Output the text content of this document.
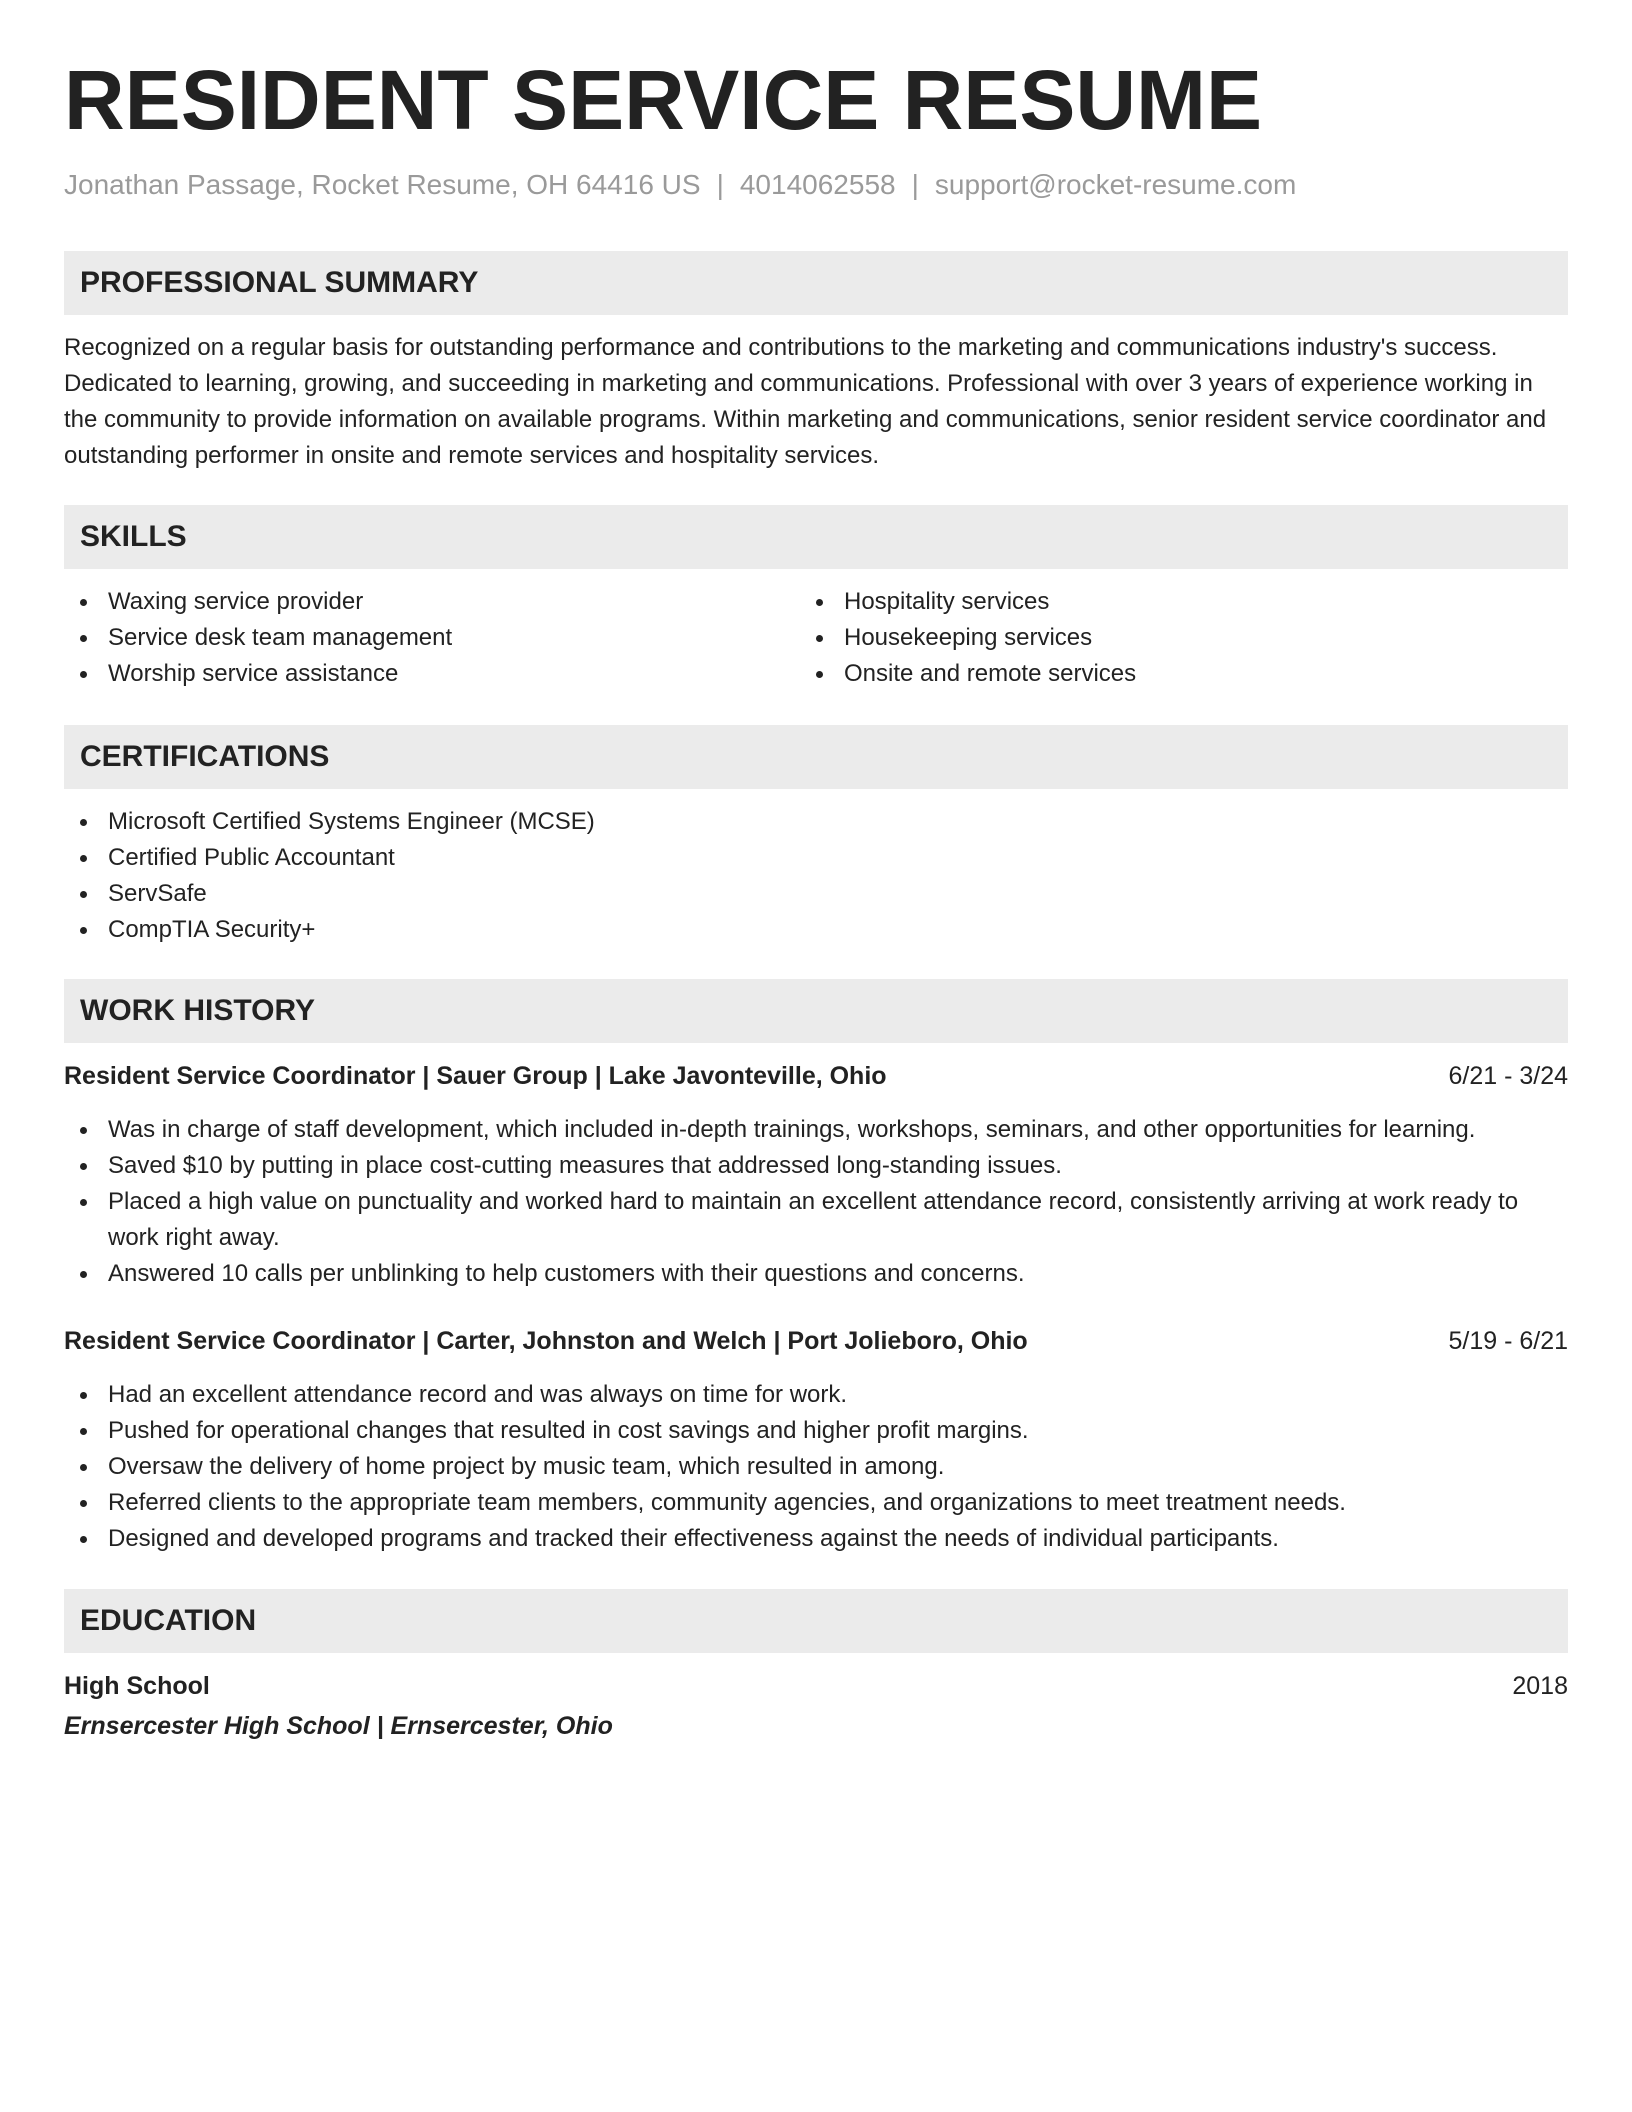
RESIDENT SERVICE RESUME
Jonathan Passage, Rocket Resume, OH 64416 US | 4014062558 | support@rocket-resume.com
PROFESSIONAL SUMMARY

Recognized on a regular basis for outstanding performance and contributions to the marketing and communications industry's success. Dedicated to learning, growing, and succeeding in marketing and communications. Professional with over 3 years of experience working in the community to provide information on available programs. Within marketing and communications, senior resident service coordinator and outstanding performer in onsite and remote services and hospitality services.

SKILLS
Waxing service provider
Service desk team management
Worship service assistance
Hospitality services
Housekeeping services
Onsite and remote services
CERTIFICATIONS
Microsoft Certified Systems Engineer (MCSE)
Certified Public Accountant
ServSafe
CompTIA Security+
WORK HISTORY
Resident Service Coordinator | Sauer Group | Lake Javonteville, Ohio	6/21 - 3/24
Was in charge of staff development, which included in-depth trainings, workshops, seminars, and other opportunities for learning.
Saved $10 by putting in place cost-cutting measures that addressed long-standing issues.
Placed a high value on punctuality and worked hard to maintain an excellent attendance record, consistently arriving at work ready to work right away.
Answered 10 calls per unblinking to help customers with their questions and concerns.
Resident Service Coordinator | Carter, Johnston and Welch | Port Jolieboro, Ohio	5/19 - 6/21
Had an excellent attendance record and was always on time for work.
Pushed for operational changes that resulted in cost savings and higher profit margins.
Oversaw the delivery of home project by music team, which resulted in among.
Referred clients to the appropriate team members, community agencies, and organizations to meet treatment needs.
Designed and developed programs and tracked their effectiveness against the needs of individual participants.
EDUCATION
High School	2018
Ernsercester High School | Ernsercester, Ohio
